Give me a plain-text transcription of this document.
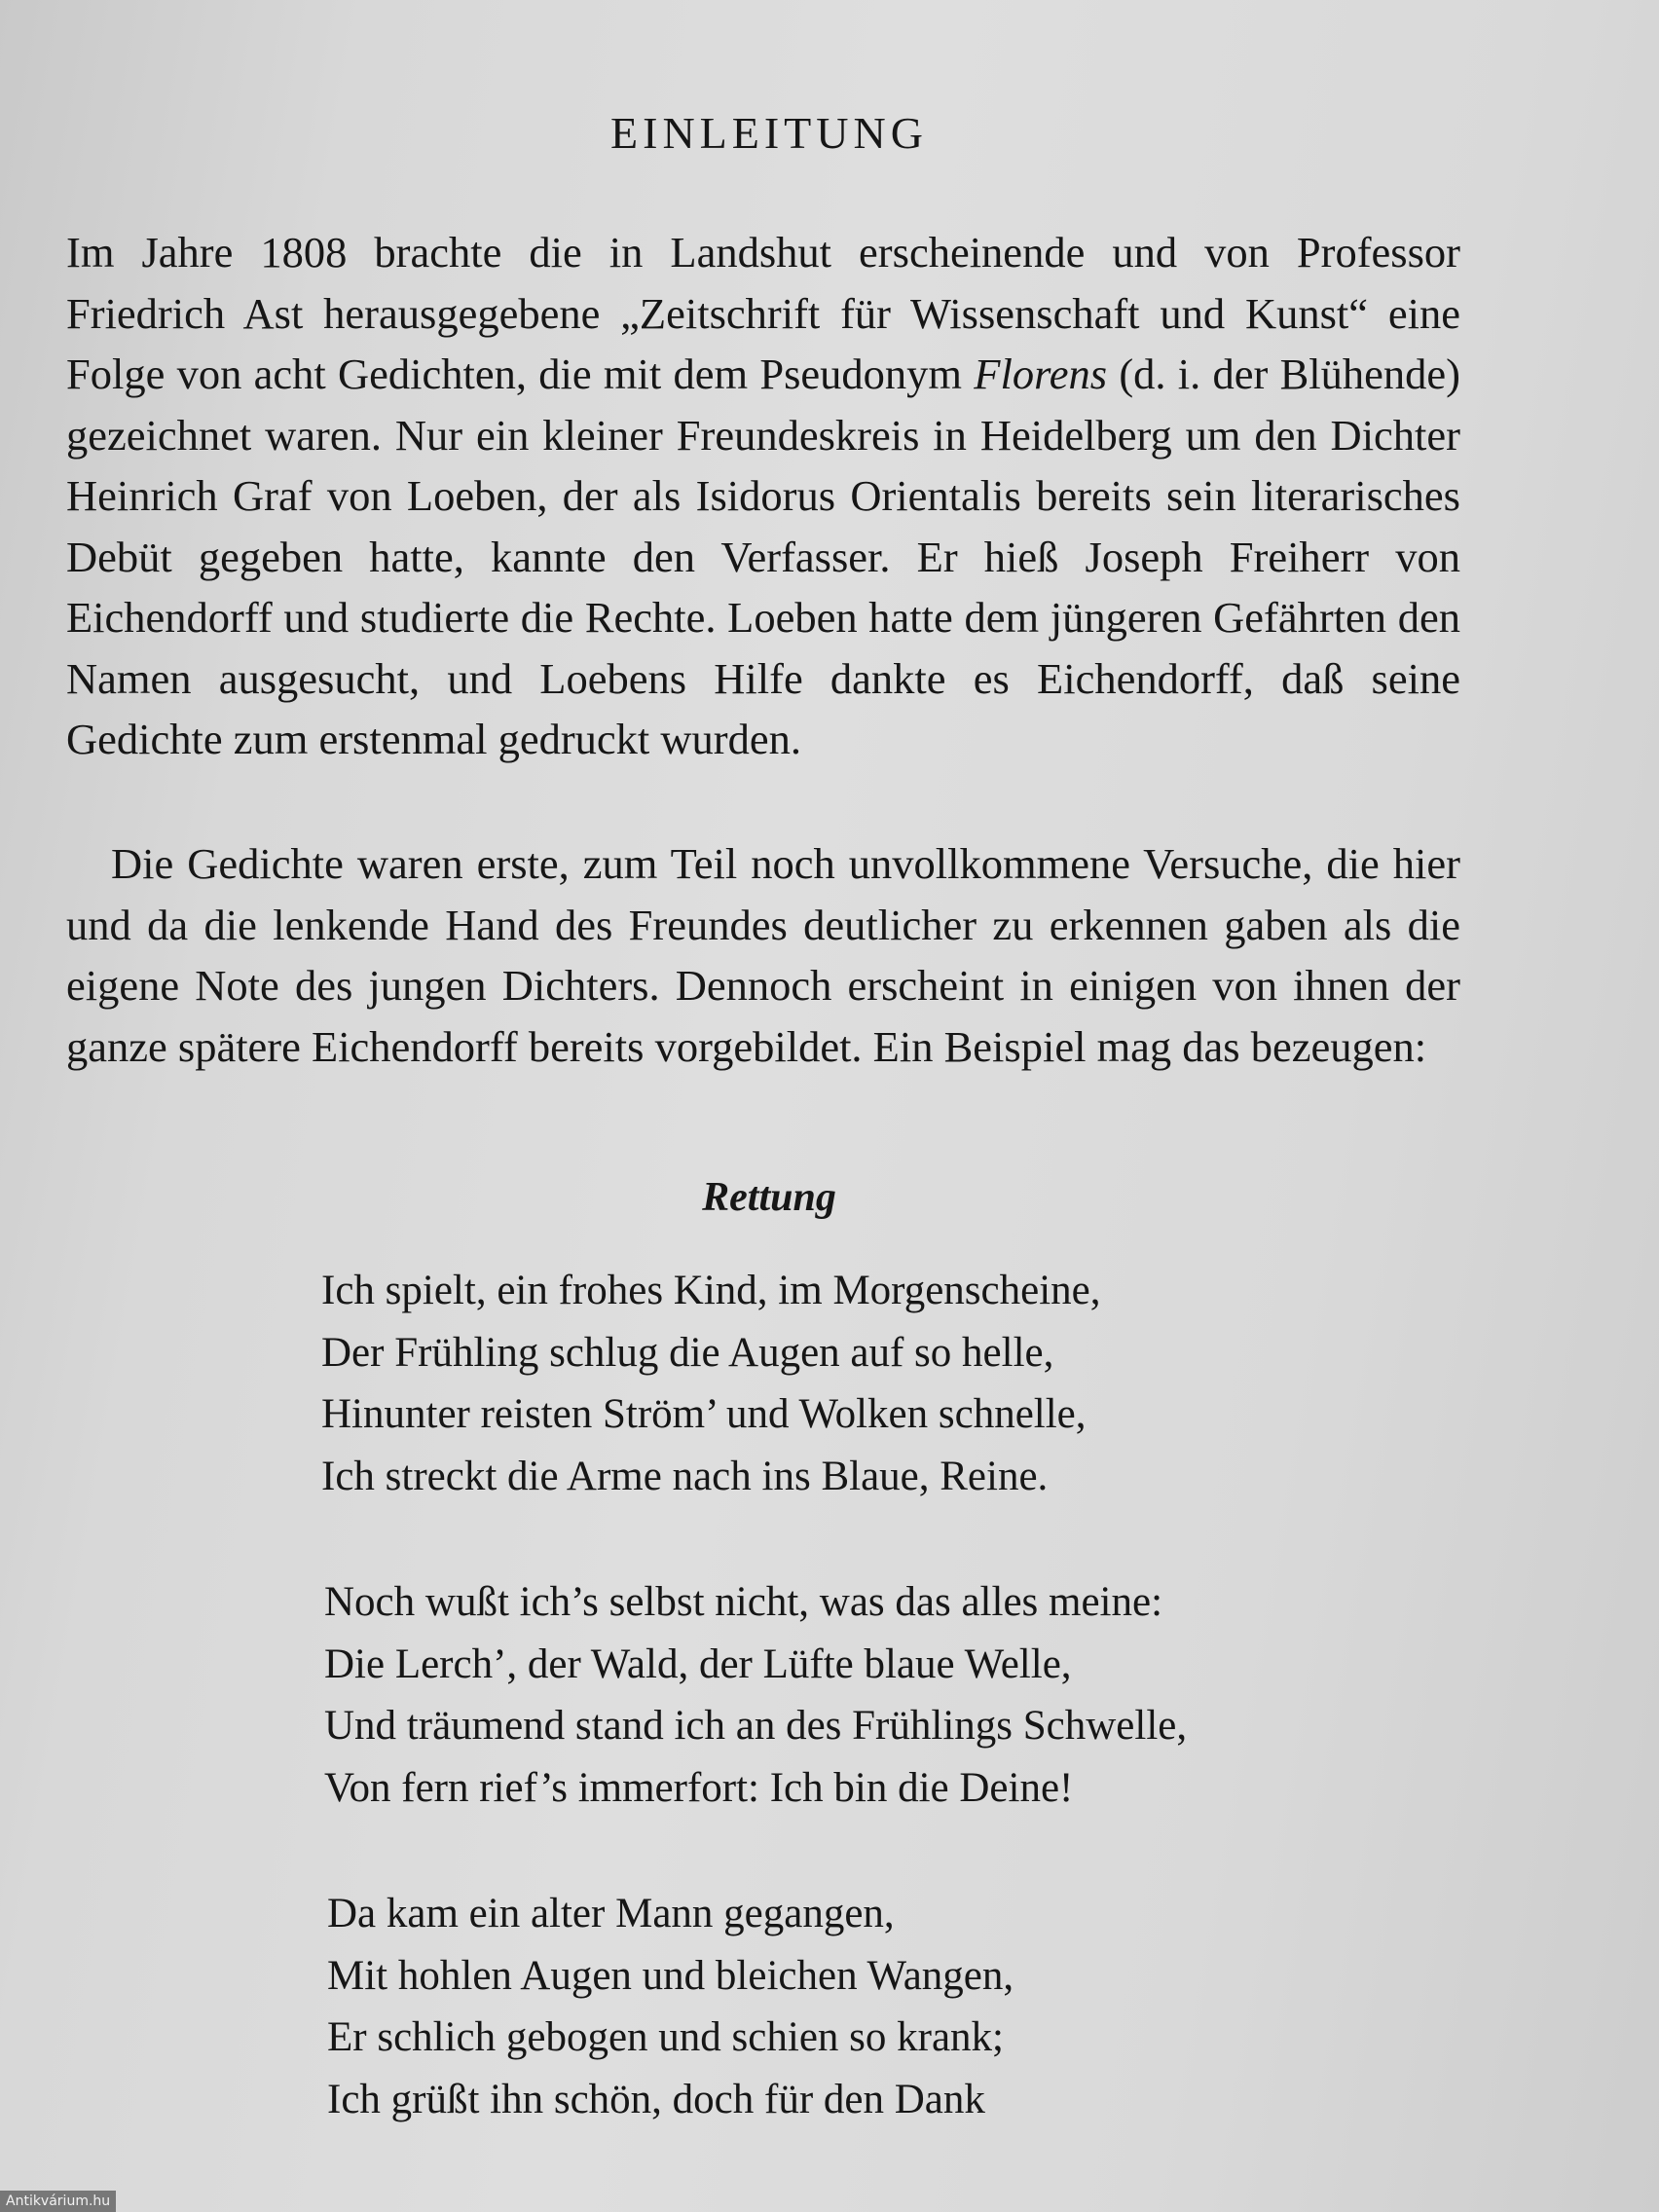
EINLEITUNG

Im Jahre 1808 brachte die in Landshut erscheinende und von Professor Friedrich Ast herausgegebene „Zeitschrift für Wissenschaft und Kunst“ eine Folge von acht Gedichten, die mit dem Pseudonym Florens (d. i. der Blühende) gezeichnet waren. Nur ein kleiner Freundeskreis in Heidelberg um den Dichter Heinrich Graf von Loeben, der als Isidorus Orientalis bereits sein literarisches Debüt gegeben hatte, kannte den Verfasser. Er hieß Joseph Freiherr von Eichendorff und studierte die Rechte. Loeben hatte dem jüngeren Gefährten den Namen ausgesucht, und Loebens Hilfe dankte es Eichendorff, daß seine Gedichte zum erstenmal gedruckt wurden.

Die Gedichte waren erste, zum Teil noch unvollkommene Versuche, die hier und da die lenkende Hand des Freundes deutlicher zu erkennen gaben als die eigene Note des jungen Dichters. Dennoch erscheint in einigen von ihnen der ganze spätere Eichendorff bereits vorgebildet. Ein Beispiel mag das bezeugen:

Rettung
Ich spielt, ein frohes Kind, im Morgenscheine,
Der Frühling schlug die Augen auf so helle,
Hinunter reisten Ström’ und Wolken schnelle,
Ich streckt die Arme nach ins Blaue, Reine.
Noch wußt ich’s selbst nicht, was das alles meine:
Die Lerch’, der Wald, der Lüfte blaue Welle,
Und träumend stand ich an des Frühlings Schwelle,
Von fern rief’s immerfort: Ich bin die Deine!
Da kam ein alter Mann gegangen,
Mit hohlen Augen und bleichen Wangen,
Er schlich gebogen und schien so krank;
Ich grüßt ihn schön, doch für den Dank
Antikvárium.hu
